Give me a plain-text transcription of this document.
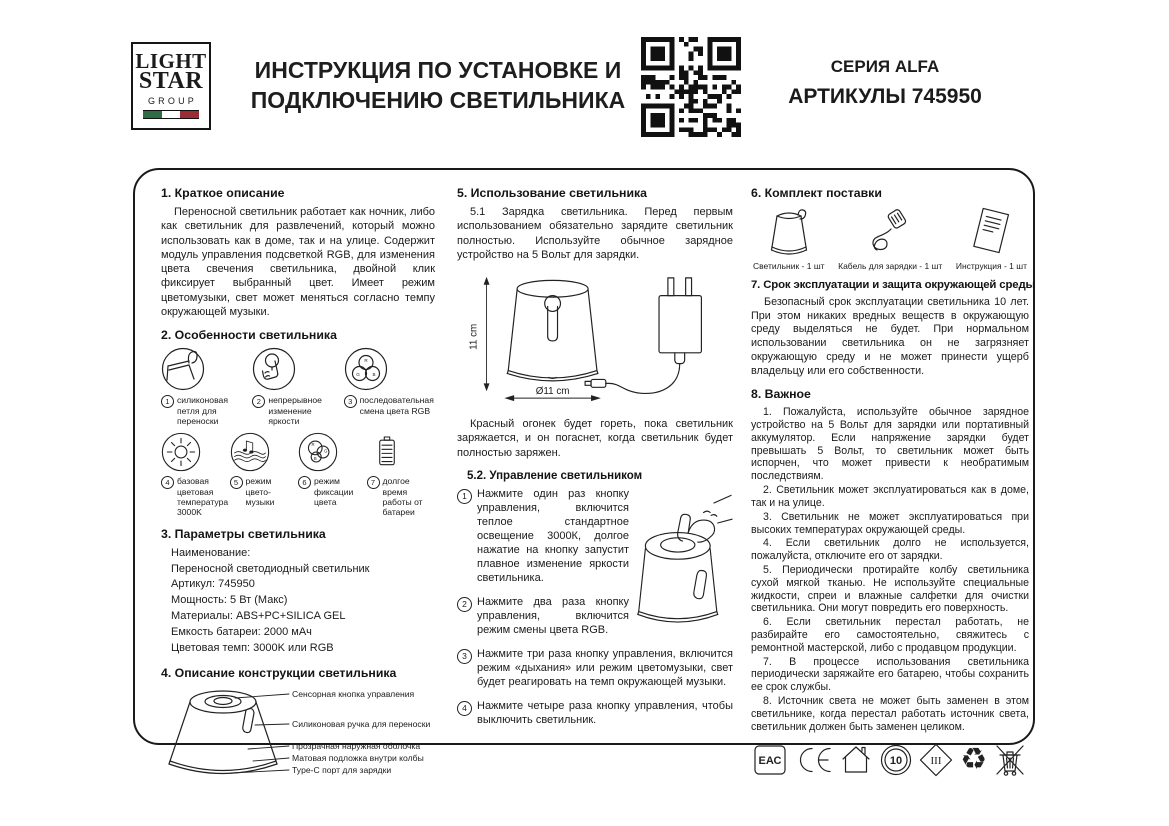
LIGHT
STAR
GROUP
ИНСТРУКЦИЯ ПО УСТАНОВКЕ И
ПОДКЛЮЧЕНИЮ СВЕТИЛЬНИКА
СЕРИЯ ALFA
АРТИКУЛЫ 745950
1. Краткое описание

Переносной светильник работает как ночник, либо как светильник для развлечений, который можно использовать как в доме, так и на улице. Содержит модуль управления подсветкой RGB, для изменения цвета свечения светильника, двойной клик фиксирует выбранный цвет. Имеет режим цветомузыки, свет может меняться согласно темпу окружающей музыки.

2. Особенности светильника
1 силиконовая петля для переноски
2 непрерывное изменение яркости
R
G	B
3 последовательная смена цвета RGB
4 базовая цветовая температура 3000K
5 режим цвето-музыки
R
G
B
6 режим фиксации цвета
7 долгое время работы от батареи
3. Параметры светильника
Наименование:
Переносной светодиодный светильник
Артикул: 745950
Мощность: 5 Вт (Макс)
Материалы: ABS+PC+SILICA GEL
Емкость батареи: 2000 мАч
Цветовая темп: 3000K или RGB
4. Описание конструкции светильника
Сенсорная кнопка управления
Силиконовая ручка для переноски
Прозрачная наружная оболочка
Матовая подложка внутри колбы
Type-C порт для зарядки
5. Использование светильника

5.1 Зарядка светильника. Перед первым использованием обязательно зарядите светильник полностью. Используйте обычное зарядное устройство на 5 Вольт для зарядки.

11 cm
Ø11 cm

Красный огонек будет гореть, пока светильник заряжается, и он погаснет, когда светильник будет полностью заряжен.

5.2. Управление светильником
1 Нажмите один раз кнопку управления, включится теплое стандартное освещение 3000К, долгое нажатие на кнопку запустит плавное изменение яркости светильника.

2 Нажмите два раза кнопку управления, включится режим смены цвета RGB.

3 Нажмите три раза кнопку управления, включится режим «дыхания» или режим цветомузыки, свет будет реагировать на темп окружающей музыки.

4 Нажмите четыре раза кнопку управления, чтобы выключить светильник.

6. Комплект поставки
Светильник - 1 шт Кабель для зарядки - 1 шт Инструкция - 1 шт
7. Срок эксплуатации и защита окружающей среды

Безопасный срок эксплуатации светильника 10 лет. При этом никаких вредных веществ в окружающую среду выделяться не будет. При нормальном использовании светильника он не загрязняет окружающую среду и не может принести ущерб владельцу или его собственности.

8. Важное

1. Пожалуйста, используйте обычное зарядное устройство на 5 Вольт для зарядки или портативный аккумулятор. Если напряжение зарядки будет превышать 5 Вольт, то светильник может быть испорчен, что может привести к необратимым последствиям.

2. Светильник может эксплуатироваться как в доме, так и на улице.

3. Светильник не может эксплуатироваться при высоких температурах окружающей среды.

4. Если светильник долго не используется, пожалуйста, отключите его от зарядки.

5. Периодически протирайте колбу светильника сухой мягкой тканью. Не используйте специальные жидкости, спреи и влажные салфетки для очистки светильника. Они могут повредить его поверхность.

6. Если светильник перестал работать, не разбирайте его самостоятельно, свяжитесь с ремонтной мастерской, либо с продавцом продукции.

7. В процессе использования светильника периодически заряжайте его батарею, чтобы сохранить ее срок службы.

8. Источник света не может быть заменен в этом светильнике, когда перестал работать источник света, светильник должен быть заменен целиком.

ЕАС	10	III ♻
